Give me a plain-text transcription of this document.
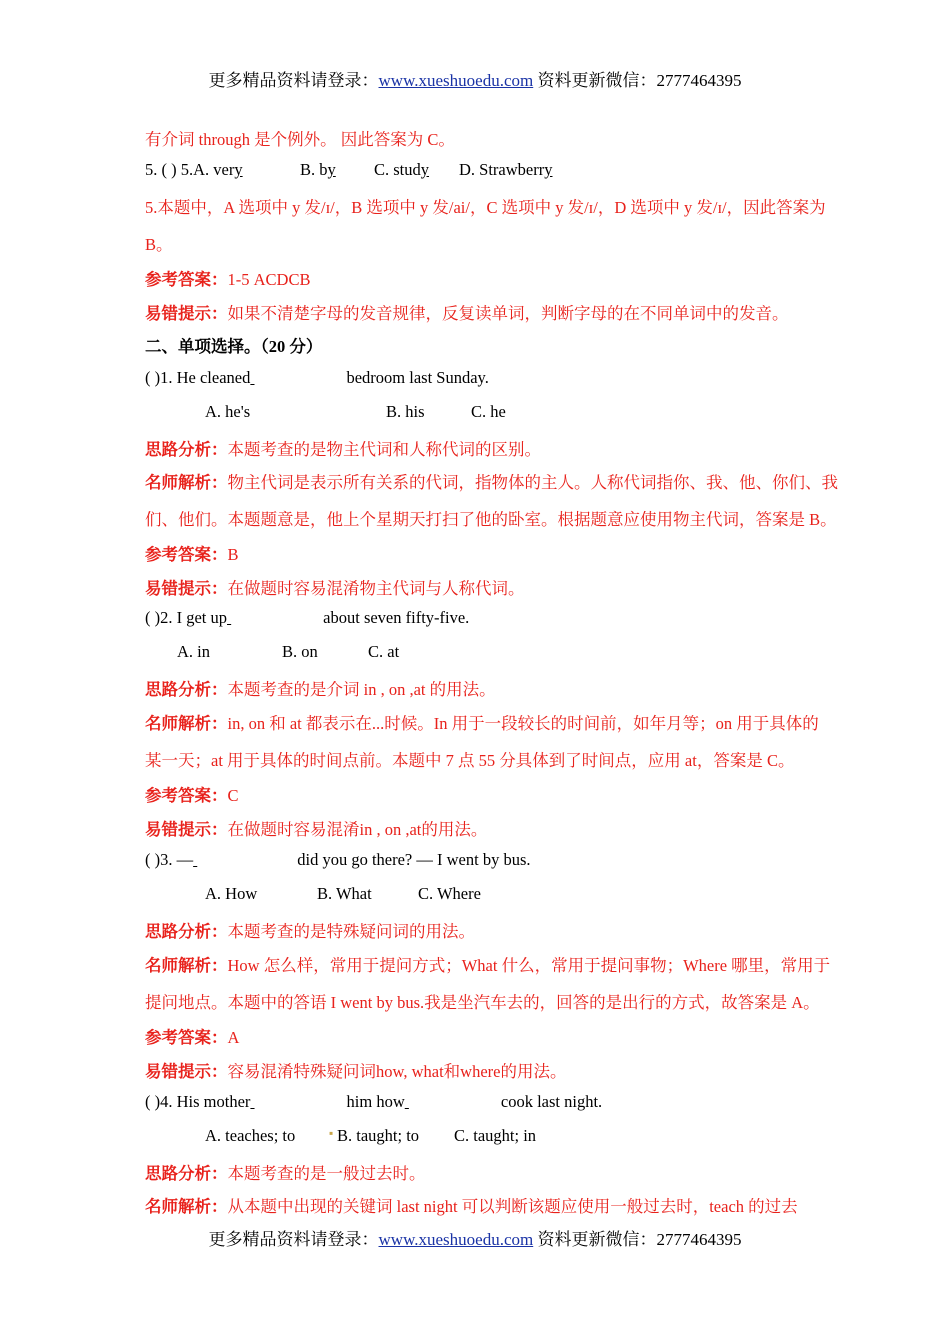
更多精品资料请登录：www.xueshuoedu.com 资料更新微信：2777464395
有介词 through 是个例外。 因此答案为 C。
5. ( ) 5.A. very	B. by C. study D. Strawberry
5.本题中，A 选项中 y 发/ɪ/，B 选项中 y 发/ai/，C 选项中 y 发/ɪ/，D 选项中 y 发/ɪ/，因此答案为
B。
参考答案：1-5 ACDCB
易错提示：如果不清楚字母的发音规律，反复读单词，判断字母的在不同单词中的发音。
二、单项选择。（20 分）
( )1. He cleaned	bedroom last Sunday.
A. he's	B. his	C. he
思路分析：本题考查的是物主代词和人称代词的区别。
名师解析：物主代词是表示所有关系的代词，指物体的主人。人称代词指你、我、他、你们、我
们、他们。本题题意是，他上个星期天打扫了他的卧室。根据题意应使用物主代词，答案是 B。
参考答案：B
易错提示：在做题时容易混淆物主代词与人称代词。
( )2. I get up	about seven fifty-five.
A. in	B. on	C. at
思路分析：本题考查的是介词 in , on ,at 的用法。
名师解析：in, on 和 at 都表示在...时候。In 用于一段较长的时间前，如年月等；on 用于具体的
某一天；at 用于具体的时间点前。本题中 7 点 55 分具体到了时间点，应用 at，答案是 C。
参考答案：C
易错提示：在做题时容易混淆in , on ,at的用法。
( )3. —	did you go there? — I went by bus.
A. How	B. What	C. Where
思路分析：本题考查的是特殊疑问词的用法。
名师解析：How 怎么样，常用于提问方式；What 什么，常用于提问事物；Where 哪里，常用于
提问地点。本题中的答语 I went by bus.我是坐汽车去的，回答的是出行的方式，故答案是 A。
参考答案：A
易错提示：容易混淆特殊疑问词how, what和where的用法。
( )4. His mother	him how	cook last night.
A. teaches; to	▪ B. taught; to C. taught; in
思路分析：本题考查的是一般过去时。
名师解析：从本题中出现的关键词 last night 可以判断该题应使用一般过去时，teach 的过去
更多精品资料请登录：www.xueshuoedu.com 资料更新微信：2777464395
